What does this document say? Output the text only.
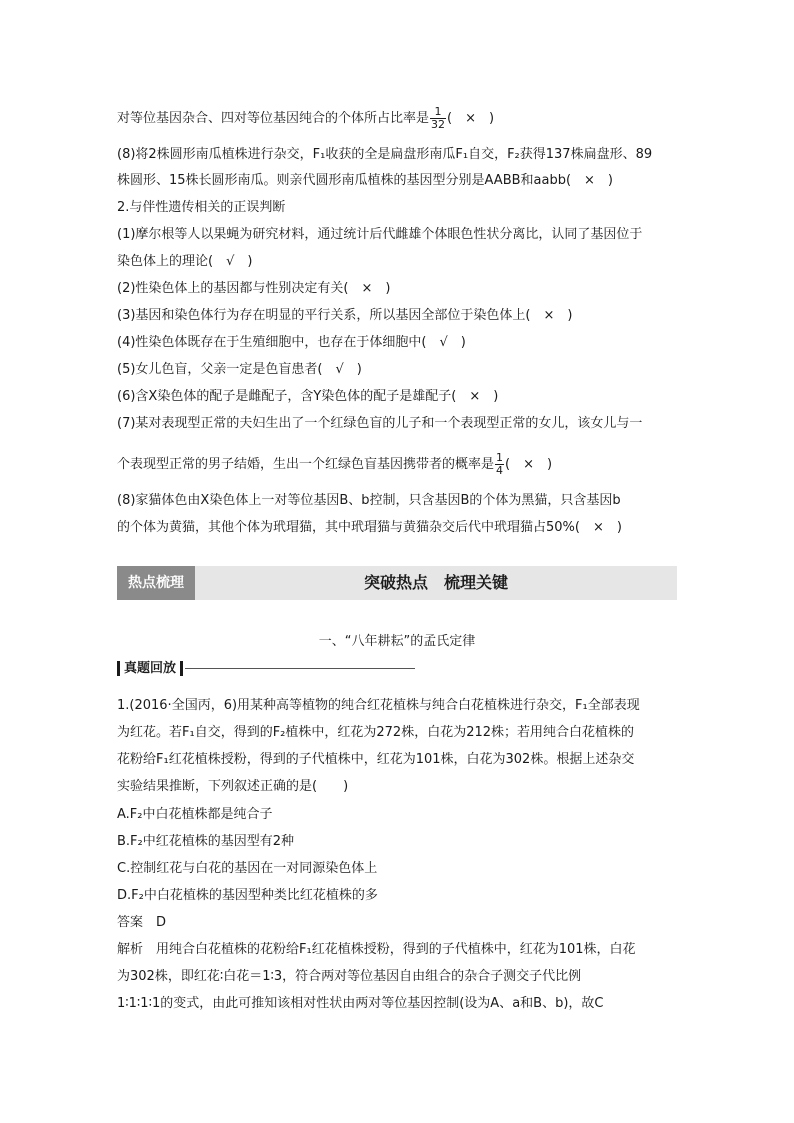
对等位基因杂合、四对等位基因纯合的个体所占比率是 $\frac{1}{32}$ (　×　)
(8)将2株圆形南瓜植株进行杂交，F₁收获的全是扁盘形南瓜F₁自交，F₂获得137株扁盘形、89
株圆形、15株长圆形南瓜。则亲代圆形南瓜植株的基因型分别是AABB和aabb(　×　)
2.与伴性遗传相关的正误判断
(1)摩尔根等人以果蝇为研究材料，通过统计后代雌雄个体眼色性状分离比，认同了基因位于
染色体上的理论(　√　)
(2)性染色体上的基因都与性别决定有关(　×　)
(3)基因和染色体行为存在明显的平行关系，所以基因全部位于染色体上(　×　)
(4)性染色体既存在于生殖细胞中，也存在于体细胞中(　√　)
(5)女儿色盲，父亲一定是色盲患者(　√　)
(6)含X染色体的配子是雌配子，含Y染色体的配子是雄配子(　×　)
(7)某对表现型正常的夫妇生出了一个红绿色盲的儿子和一个表现型正常的女儿，该女儿与一
个表现型正常的男子结婚，生出一个红绿色盲基因携带者的概率是 $\frac{1}{4}$ (　×　)
(8)家猫体色由X染色体上一对等位基因B、b控制，只含基因B的个体为黑猫，只含基因b
的个体为黄猫，其他个体为玳瑁猫，其中玳瑁猫与黄猫杂交后代中玳瑁猫占50%(　×　)
热点梳理	突破热点　梳理关键
一、“八年耕耘”的孟氏定律
真题回放
1.(2016·全国丙，6)用某种高等植物的纯合红花植株与纯合白花植株进行杂交，F₁全部表现
为红花。若F₁自交，得到的F₂植株中，红花为272株，白花为212株；若用纯合白花植株的
花粉给F₁红花植株授粉，得到的子代植株中，红花为101株，白花为302株。根据上述杂交
实验结果推断，下列叙述正确的是(　　)
A.F₂中白花植株都是纯合子
B.F₂中红花植株的基因型有2种
C.控制红花与白花的基因在一对同源染色体上
D.F₂中白花植株的基因型种类比红花植株的多
答案　D
解析　用纯合白花植株的花粉给F₁红花植株授粉，得到的子代植株中，红花为101株，白花
为302株，即红花∶白花＝1∶3，符合两对等位基因自由组合的杂合子测交子代比例
1∶1∶1∶1的变式，由此可推知该相对性状由两对等位基因控制(设为A、a和B、b)，故C
